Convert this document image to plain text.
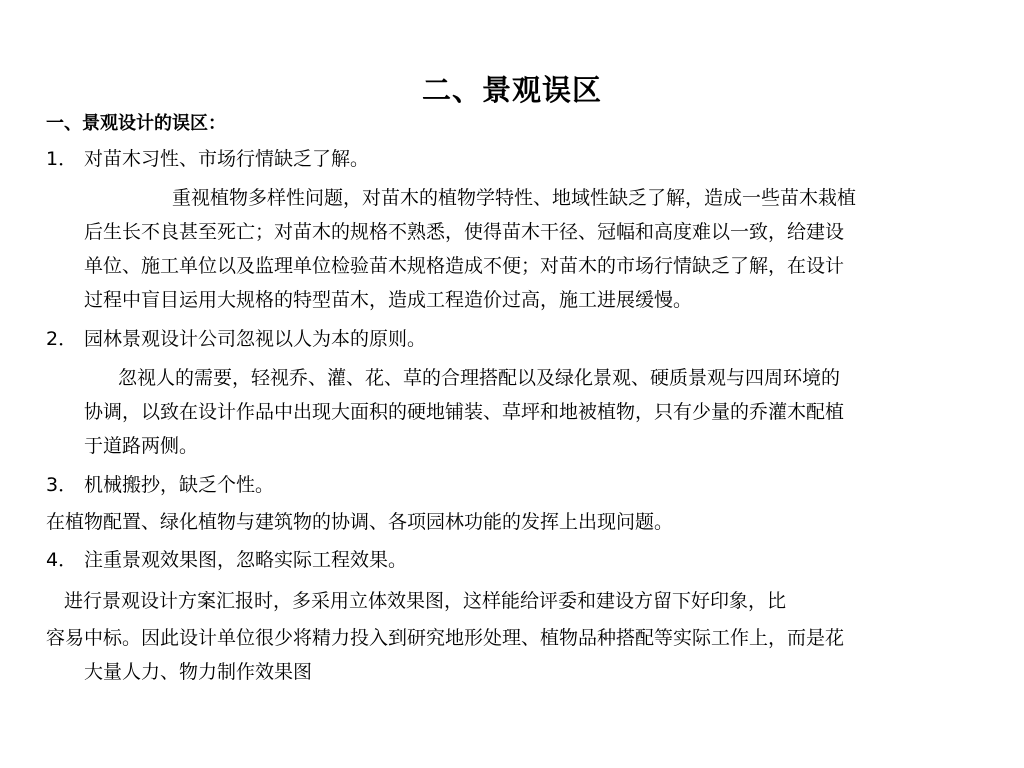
二、景观误区
一、景观设计的误区：
1． 对苗木习性、市场行情缺乏了解。
重视植物多样性问题，对苗木的植物学特性、地域性缺乏了解，造成一些苗木栽植
后生长不良甚至死亡；对苗木的规格不熟悉，使得苗木干径、冠幅和高度难以一致，给建设
单位、施工单位以及监理单位检验苗木规格造成不便；对苗木的市场行情缺乏了解，在设计
过程中盲目运用大规格的特型苗木，造成工程造价过高，施工进展缓慢。
2． 园林景观设计公司忽视以人为本的原则。
忽视人的需要，轻视乔、灌、花、草的合理搭配以及绿化景观、硬质景观与四周环境的
协调，以致在设计作品中出现大面积的硬地铺装、草坪和地被植物，只有少量的乔灌木配植
于道路两侧。
3． 机械搬抄，缺乏个性。
在植物配置、绿化植物与建筑物的协调、各项园林功能的发挥上出现问题。
4． 注重景观效果图，忽略实际工程效果。
进行景观设计方案汇报时，多采用立体效果图，这样能给评委和建设方留下好印象，比
容易中标。因此设计单位很少将精力投入到研究地形处理、植物品种搭配等实际工作上，而是花
大量人力、物力制作效果图
